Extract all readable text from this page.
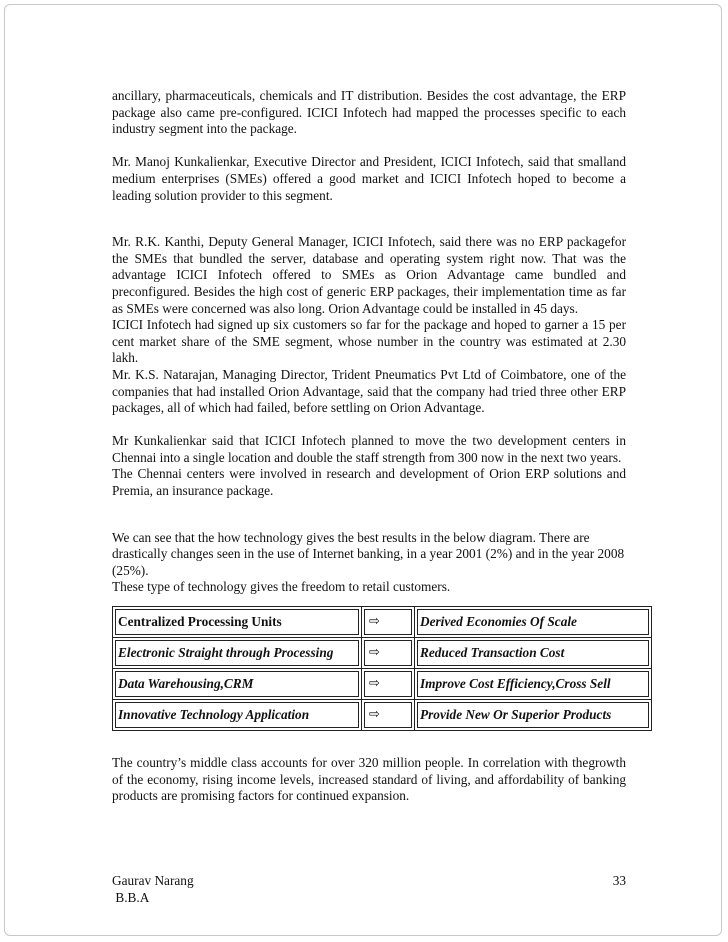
ancillary, pharmaceuticals, chemicals and IT distribution. Besides the cost advantage, the ERP package also came pre-configured. ICICI Infotech had mapped the processes specific to each industry segment into the package.

Mr. Manoj Kunkalienkar, Executive Director and President, ICICI Infotech, said that smalland medium enterprises (SMEs) offered a good market and ICICI Infotech hoped to become a leading solution provider to this segment.

Mr. R.K. Kanthi, Deputy General Manager, ICICI Infotech, said there was no ERP packagefor the SMEs that bundled the server, database and operating system right now. That was the advantage ICICI Infotech offered to SMEs as Orion Advantage came bundled and preconfigured. Besides the high cost of generic ERP packages, their implementation time as far as SMEs were concerned was also long. Orion Advantage could be installed in 45 days.

ICICI Infotech had signed up six customers so far for the package and hoped to garner a 15 per cent market share of the SME segment, whose number in the country was estimated at 2.30 lakh.

Mr. K.S. Natarajan, Managing Director, Trident Pneumatics Pvt Ltd of Coimbatore, one of the companies that had installed Orion Advantage, said that the company had tried three other ERP packages, all of which had failed, before settling on Orion Advantage.

Mr Kunkalienkar said that ICICI Infotech planned to move the two development centers in Chennai into a single location and double the staff strength from 300 now in the next two years.

The Chennai centers were involved in research and development of Orion ERP solutions and Premia, an insurance package.

We can see that the how technology gives the best results in the below diagram. There are drastically changes seen in the use of Internet banking, in a year 2001 (2%) and in the year 2008 (25%).

These type of technology gives the freedom to retail customers.

Centralized Processing Units	⇨	Derived Economies Of Scale

Electronic Straight through Processing	⇨	Reduced Transaction Cost

Data Warehousing,CRM	⇨	Improve Cost Efficiency,Cross Sell

Innovative Technology Application	⇨	Provide New Or Superior Products

The country’s middle class accounts for over 320 million people. In correlation with thegrowth of the economy, rising income levels, increased standard of living, and affordability of banking products are promising factors for continued expansion.

Gaurav Narang
B.B.A
33
